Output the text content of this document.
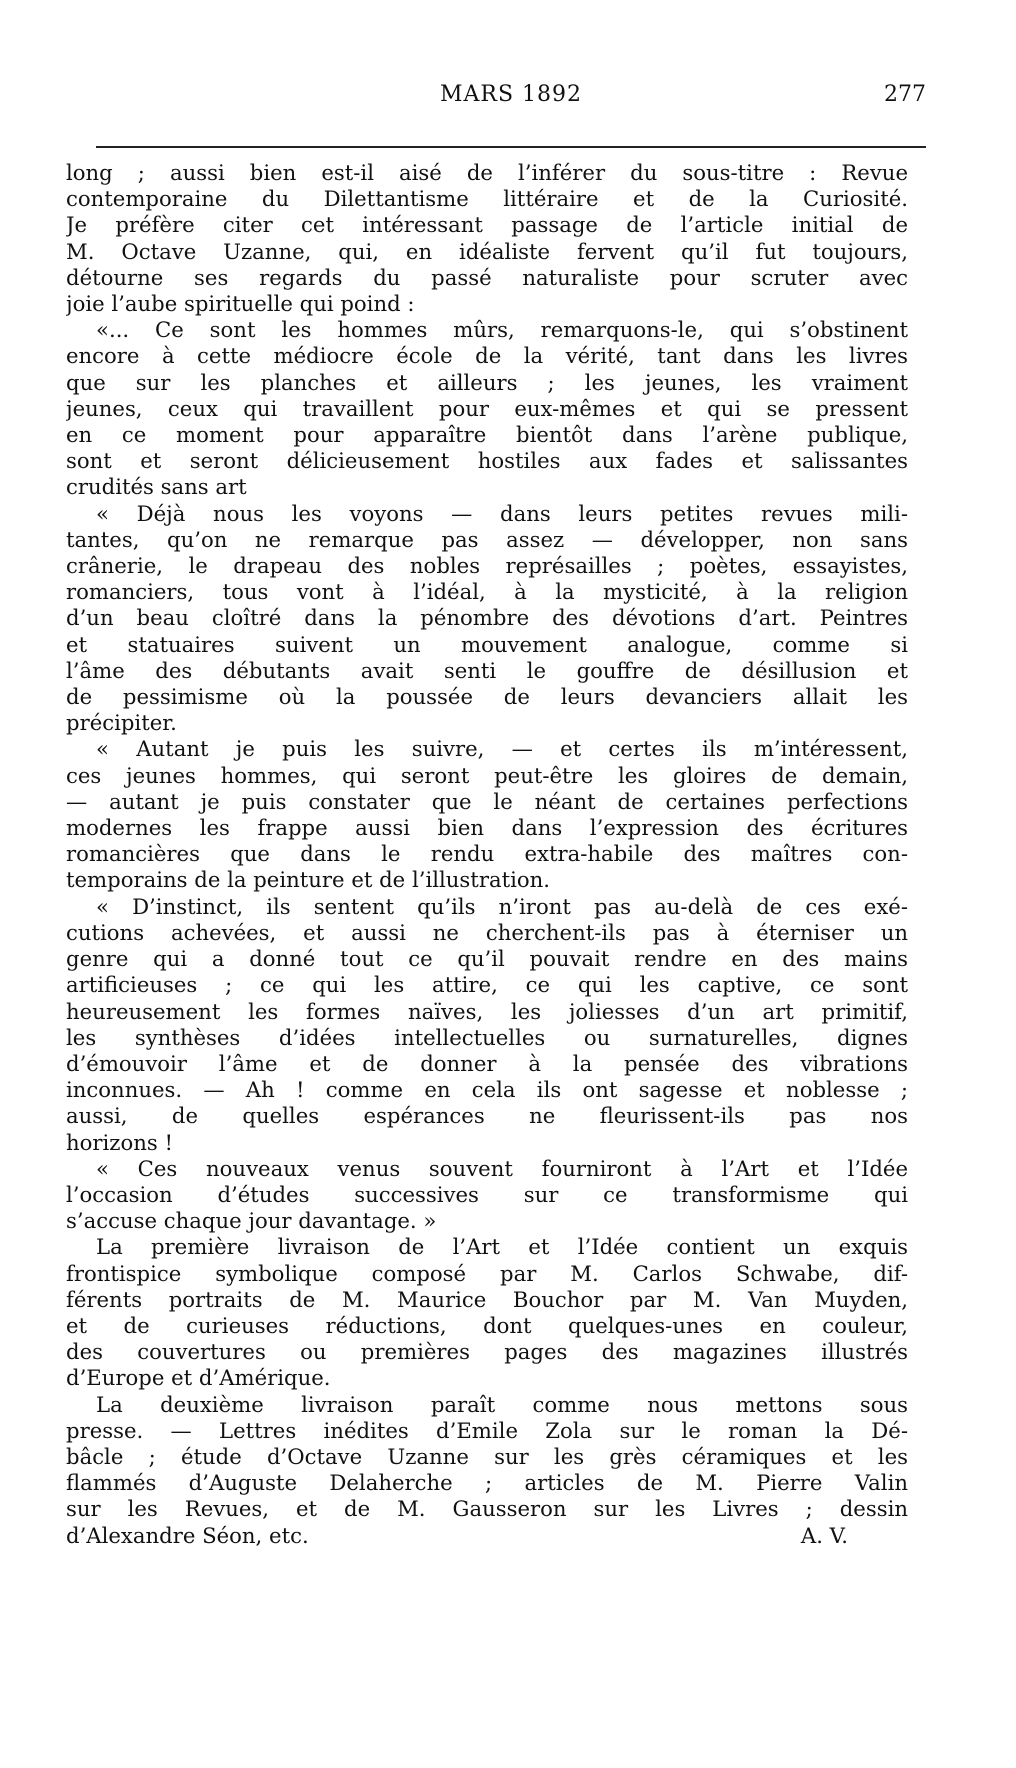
MARS 1892	277
long ; aussi bien est-il aisé de l’inférer du sous-titre : Revue
contemporaine du Dilettantisme littéraire et de la Curiosité.
Je préfère citer cet intéressant passage de l’article initial de
M. Octave Uzanne, qui, en idéaliste fervent qu’il fut toujours,
détourne ses regards du passé naturaliste pour scruter avec
joie l’aube spirituelle qui poind :
«... Ce sont les hommes mûrs, remarquons-le, qui s’obstinent
encore à cette médiocre école de la vérité, tant dans les livres
que sur les planches et ailleurs ; les jeunes, les vraiment
jeunes, ceux qui travaillent pour eux-mêmes et qui se pressent
en ce moment pour apparaître bientôt dans l’arène publique,
sont et seront délicieusement hostiles aux fades et salissantes
crudités sans art
« Déjà nous les voyons — dans leurs petites revues mili-
tantes, qu’on ne remarque pas assez — développer, non sans
crânerie, le drapeau des nobles représailles ; poètes, essayistes,
romanciers, tous vont à l’idéal, à la mysticité, à la religion
d’un beau cloîtré dans la pénombre des dévotions d’art. Peintres
et statuaires suivent un mouvement analogue, comme si
l’âme des débutants avait senti le gouffre de désillusion et
de pessimisme où la poussée de leurs devanciers allait les
précipiter.
« Autant je puis les suivre, — et certes ils m’intéressent,
ces jeunes hommes, qui seront peut-être les gloires de demain,
— autant je puis constater que le néant de certaines perfections
modernes les frappe aussi bien dans l’expression des écritures
romancières que dans le rendu extra-habile des maîtres con-
temporains de la peinture et de l’illustration.
« D’instinct, ils sentent qu’ils n’iront pas au-delà de ces exé-
cutions achevées, et aussi ne cherchent-ils pas à éterniser un
genre qui a donné tout ce qu’il pouvait rendre en des mains
artificieuses ; ce qui les attire, ce qui les captive, ce sont
heureusement les formes naïves, les joliesses d’un art primitif,
les synthèses d’idées intellectuelles ou surnaturelles, dignes
d’émouvoir l’âme et de donner à la pensée des vibrations
inconnues. — Ah ! comme en cela ils ont sagesse et noblesse ;
aussi, de quelles espérances ne fleurissent-ils pas nos
horizons !
« Ces nouveaux venus souvent fourniront à l’Art et l’Idée
l’occasion d’études successives sur ce transformisme qui
s’accuse chaque jour davantage. »
La première livraison de l’Art et l’Idée contient un exquis
frontispice symbolique composé par M. Carlos Schwabe, dif-
férents portraits de M. Maurice Bouchor par M. Van Muyden,
et de curieuses réductions, dont quelques-unes en couleur,
des couvertures ou premières pages des magazines illustrés
d’Europe et d’Amérique.
La deuxième livraison paraît comme nous mettons sous
presse. — Lettres inédites d’Emile Zola sur le roman la Dé-
bâcle ; étude d’Octave Uzanne sur les grès céramiques et les
flammés d’Auguste Delaherche ; articles de M. Pierre Valin
sur les Revues, et de M. Gausseron sur les Livres ; dessin
d’Alexandre Séon, etc.	A. V.
